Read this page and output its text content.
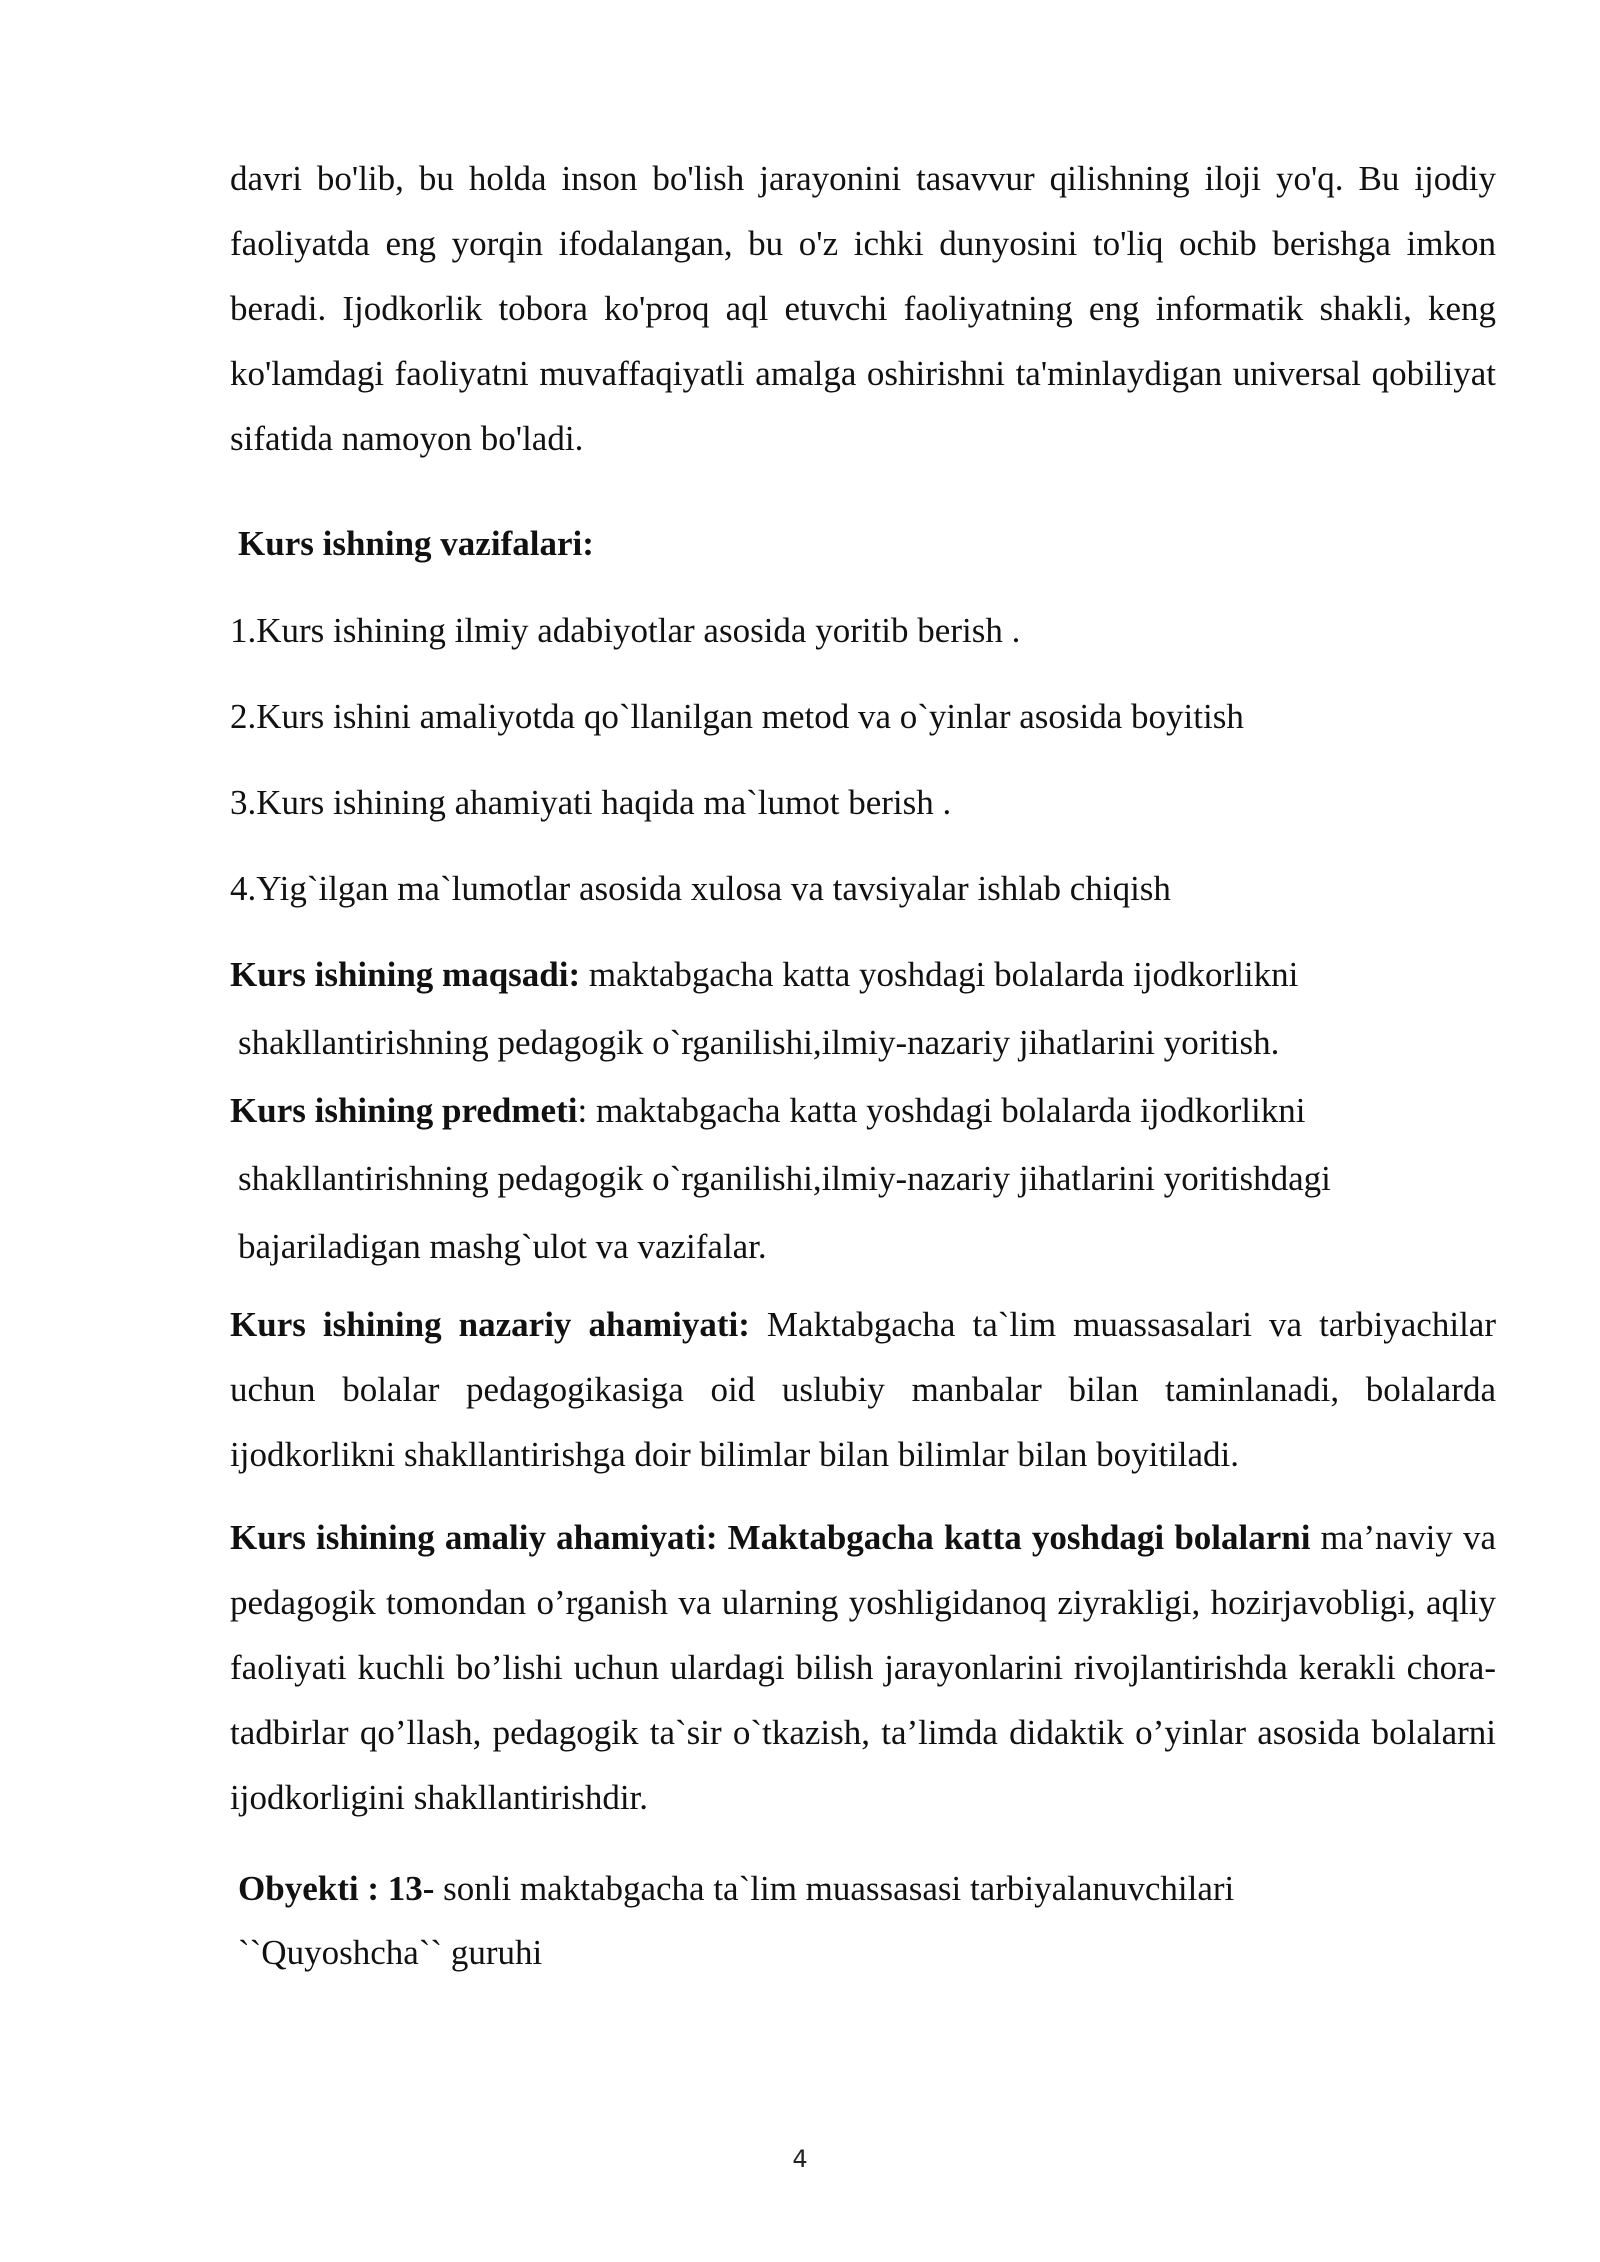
davri bo'lib, bu holda inson bo'lish jarayonini tasavvur qilishning iloji yo'q. Bu ijodiy faoliyatda eng yorqin ifodalangan, bu o'z ichki dunyosini to'liq ochib berishga imkon beradi. Ijodkorlik tobora ko'proq aql etuvchi faoliyatning eng informatik shakli, keng ko'lamdagi faoliyatni muvaffaqiyatli amalga oshirishni ta'minlaydigan universal qobiliyat sifatida namoyon bo'ladi.

Kurs ishning vazifalari:

1.Kurs ishining ilmiy adabiyotlar asosida yoritib berish .

2.Kurs ishini amaliyotda qo`llanilgan metod va o`yinlar asosida boyitish

3.Kurs ishining ahamiyati haqida ma`lumot berish .

4.Yig`ilgan ma`lumotlar asosida xulosa va tavsiyalar ishlab chiqish

Kurs ishining maqsadi: maktabgacha katta yoshdagi bolalarda ijodkorlikni

shakllantirishning pedagogik o`rganilishi,ilmiy-nazariy jihatlarini yoritish.

Kurs ishining predmeti: maktabgacha katta yoshdagi bolalarda ijodkorlikni

shakllantirishning pedagogik o`rganilishi,ilmiy-nazariy jihatlarini yoritishdagi

bajariladigan mashg`ulot va vazifalar.

Kurs ishining nazariy ahamiyati: Maktabgacha ta`lim muassasalari va tarbiyachilar uchun bolalar pedagogikasiga oid uslubiy manbalar bilan taminlanadi, bolalarda ijodkorlikni shakllantirishga doir bilimlar bilan bilimlar bilan boyitiladi.

Kurs ishining amaliy ahamiyati: Maktabgacha katta yoshdagi bolalarni ma’naviy va pedagogik tomondan o’rganish va ularning yoshligidanoq ziyrakligi, hozirjavobligi, aqliy faoliyati kuchli bo’lishi uchun ulardagi bilish jarayonlarini rivojlantirishda kerakli chora-tadbirlar qo’llash, pedagogik ta`sir o`tkazish, ta’limda didaktik o’yinlar asosida bolalarni ijodkorligini shakllantirishdir.

Obyekti : 13- sonli maktabgacha ta`lim muassasasi tarbiyalanuvchilari

``Quyoshcha`` guruhi

4
